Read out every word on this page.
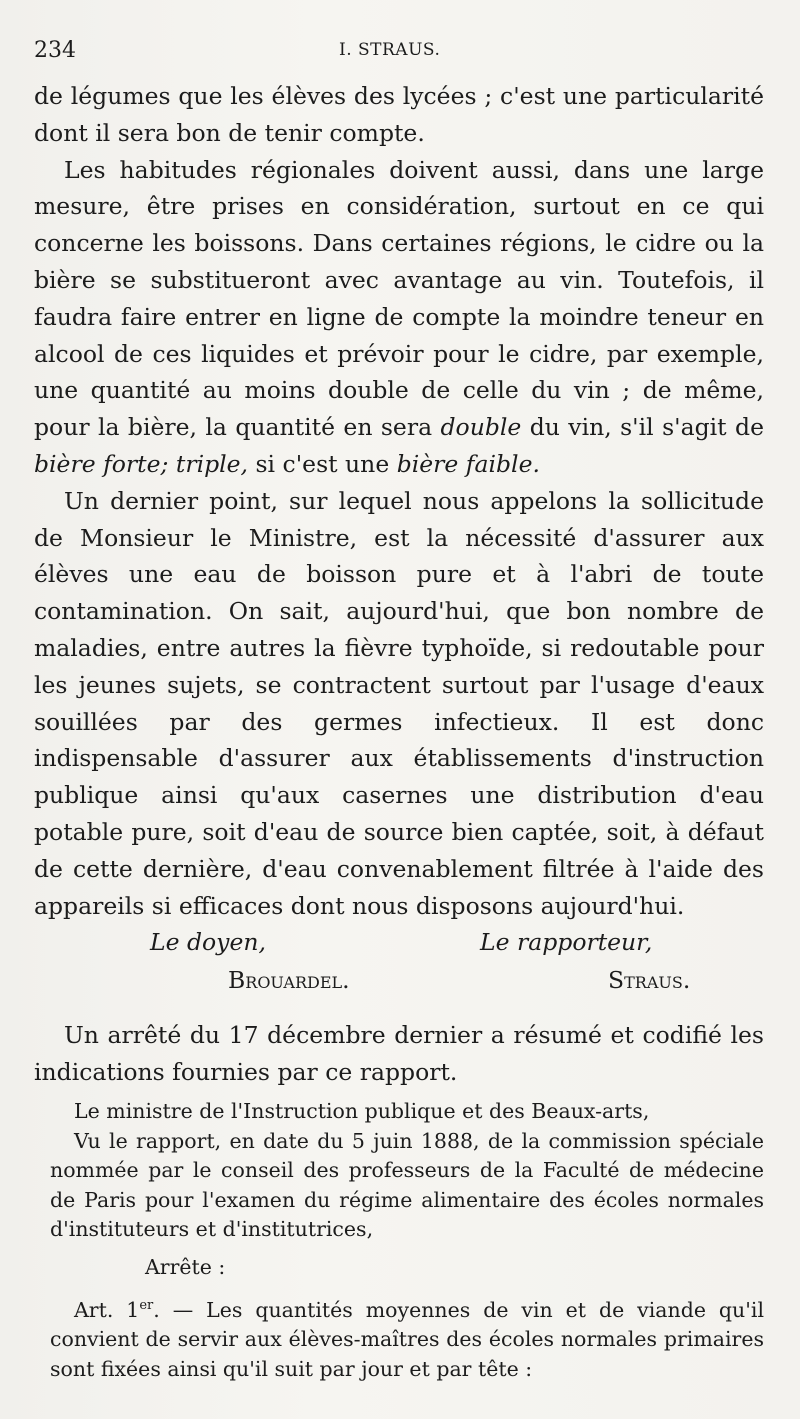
234	I. STRAUS.

de légumes que les élèves des lycées ; c'est une particularité dont il sera bon de tenir compte.

Les habitudes régionales doivent aussi, dans une large mesure, être prises en considération, surtout en ce qui concerne les boissons. Dans certaines régions, le cidre ou la bière se substitueront avec avantage au vin. Toutefois, il faudra faire entrer en ligne de compte la moindre teneur en alcool de ces liquides et prévoir pour le cidre, par exemple, une quantité au moins double de celle du vin ; de même, pour la bière, la quantité en sera double du vin, s'il s'agit de bière forte; triple, si c'est une bière faible.

Un dernier point, sur lequel nous appelons la sollicitude de Monsieur le Ministre, est la nécessité d'assurer aux élèves une eau de boisson pure et à l'abri de toute contamination. On sait, aujourd'hui, que bon nombre de maladies, entre autres la fièvre typhoïde, si redoutable pour les jeunes sujets, se contractent surtout par l'usage d'eaux souillées par des germes infectieux. Il est donc indispensable d'assurer aux établissements d'instruction publique ainsi qu'aux casernes une distribution d'eau potable pure, soit d'eau de source bien captée, soit, à défaut de cette dernière, d'eau convenablement filtrée à l'aide des appareils si efficaces dont nous disposons aujourd'hui.

Le doyen,
Brouardel.
Le rapporteur,
Straus.

Un arrêté du 17 décembre dernier a résumé et codifié les indications fournies par ce rapport.

Le ministre de l'Instruction publique et des Beaux-arts,

Vu le rapport, en date du 5 juin 1888, de la commission spéciale nommée par le conseil des professeurs de la Faculté de médecine de Paris pour l'examen du régime alimentaire des écoles normales d'instituteurs et d'institutrices,

Arrête :

Art. 1er. — Les quantités moyennes de vin et de viande qu'il convient de servir aux élèves-maîtres des écoles normales primaires sont fixées ainsi qu'il suit par jour et par tête :
